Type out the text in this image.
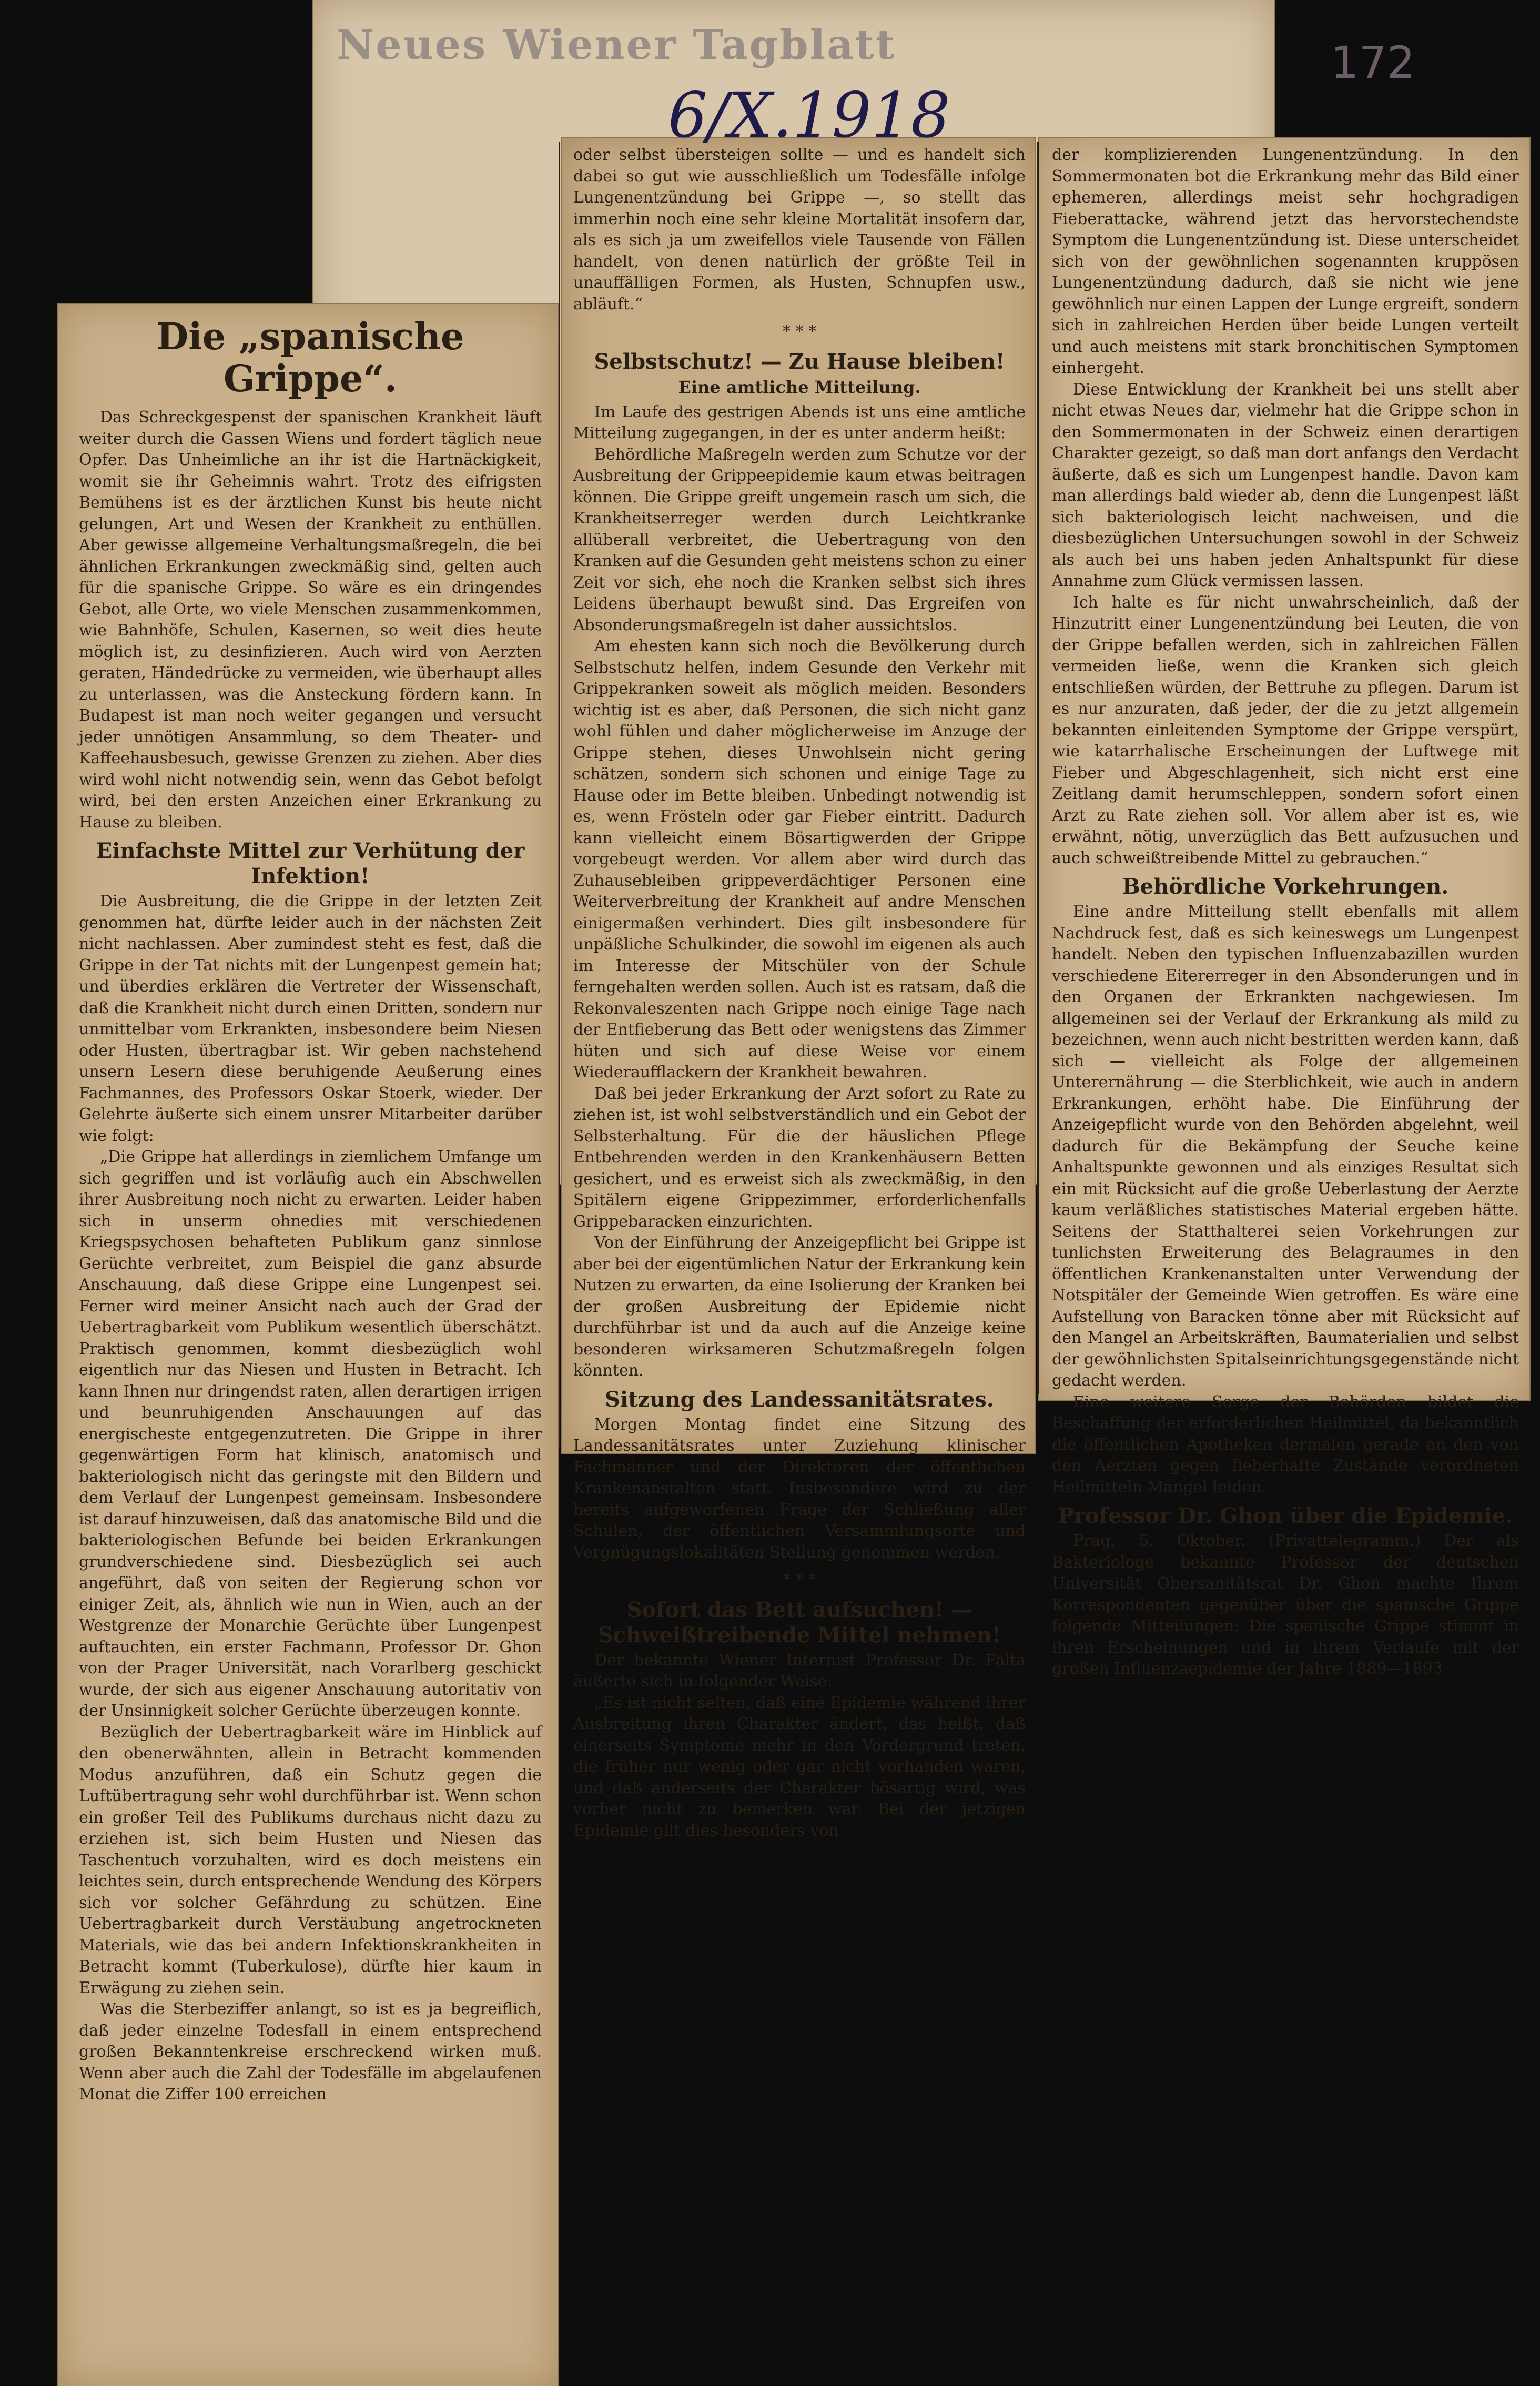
Neues Wiener Tagblatt
6/X.1918
172
Die „spanische Grippe“.

Das Schreckgespenst der spanischen Krankheit läuft weiter durch die Gassen Wiens und fordert täglich neue Opfer. Das Unheimliche an ihr ist die Hartnäckigkeit, womit sie ihr Geheimnis wahrt. Trotz des eifrigsten Bemühens ist es der ärztlichen Kunst bis heute nicht gelungen, Art und Wesen der Krankheit zu enthüllen. Aber gewisse allgemeine Verhaltungsmaßregeln, die bei ähnlichen Erkrankungen zweckmäßig sind, gelten auch für die spanische Grippe. So wäre es ein dringendes Gebot, alle Orte, wo viele Menschen zusammenkommen, wie Bahnhöfe, Schulen, Kasernen, so weit dies heute möglich ist, zu desinfizieren. Auch wird von Aerzten geraten, Händedrücke zu vermeiden, wie überhaupt alles zu unterlassen, was die Ansteckung fördern kann. In Budapest ist man noch weiter gegangen und versucht jeder unnötigen Ansammlung, so dem Theater- und Kaffeehausbesuch, gewisse Grenzen zu ziehen. Aber dies wird wohl nicht notwendig sein, wenn das Gebot befolgt wird, bei den ersten Anzeichen einer Erkrankung zu Hause zu bleiben.

Einfachste Mittel zur Verhütung der Infektion!

Die Ausbreitung, die die Grippe in der letzten Zeit genommen hat, dürfte leider auch in der nächsten Zeit nicht nachlassen. Aber zumindest steht es fest, daß die Grippe in der Tat nichts mit der Lungenpest gemein hat; und überdies erklären die Vertreter der Wissenschaft, daß die Krankheit nicht durch einen Dritten, sondern nur unmittelbar vom Erkrankten, insbesondere beim Niesen oder Husten, übertragbar ist. Wir geben nachstehend unsern Lesern diese beruhigende Aeußerung eines Fachmannes, des Professors Oskar Stoerk, wieder. Der Gelehrte äußerte sich einem unsrer Mitarbeiter darüber wie folgt:

„Die Grippe hat allerdings in ziemlichem Umfange um sich gegriffen und ist vorläufig auch ein Abschwellen ihrer Ausbreitung noch nicht zu erwarten. Leider haben sich in unserm ohnedies mit verschiedenen Kriegspsychosen behafteten Publikum ganz sinnlose Gerüchte verbreitet, zum Beispiel die ganz absurde Anschauung, daß diese Grippe eine Lungenpest sei. Ferner wird meiner Ansicht nach auch der Grad der Uebertragbarkeit vom Publikum wesentlich überschätzt. Praktisch genommen, kommt diesbezüglich wohl eigentlich nur das Niesen und Husten in Betracht. Ich kann Ihnen nur dringendst raten, allen derartigen irrigen und beunruhigenden Anschauungen auf das energischeste entgegenzutreten. Die Grippe in ihrer gegenwärtigen Form hat klinisch, anatomisch und bakteriologisch nicht das geringste mit den Bildern und dem Verlauf der Lungenpest gemeinsam. Insbesondere ist darauf hinzuweisen, daß das anatomische Bild und die bakteriologischen Befunde bei beiden Erkrankungen grundverschiedene sind. Diesbezüglich sei auch angeführt, daß von seiten der Regierung schon vor einiger Zeit, als, ähnlich wie nun in Wien, auch an der Westgrenze der Monarchie Gerüchte über Lungenpest auftauchten, ein erster Fachmann, Professor Dr. Ghon von der Prager Universität, nach Vorarlberg geschickt wurde, der sich aus eigener Anschauung autoritativ von der Unsinnigkeit solcher Gerüchte überzeugen konnte.

Bezüglich der Uebertragbarkeit wäre im Hinblick auf den obenerwähnten, allein in Betracht kommenden Modus anzuführen, daß ein Schutz gegen die Luftübertragung sehr wohl durchführbar ist. Wenn schon ein großer Teil des Publikums durchaus nicht dazu zu erziehen ist, sich beim Husten und Niesen das Taschentuch vorzuhalten, wird es doch meistens ein leichtes sein, durch entsprechende Wendung des Körpers sich vor solcher Gefährdung zu schützen. Eine Uebertragbarkeit durch Verstäubung angetrockneten Materials, wie das bei andern Infektionskrankheiten in Betracht kommt (Tuberkulose), dürfte hier kaum in Erwägung zu ziehen sein.

Was die Sterbeziffer anlangt, so ist es ja begreiflich, daß jeder einzelne Todesfall in einem entsprechend großen Bekanntenkreise erschreckend wirken muß. Wenn aber auch die Zahl der Todesfälle im abgelaufenen Monat die Ziffer 100 erreichen

oder selbst übersteigen sollte — und es handelt sich dabei so gut wie ausschließlich um Todesfälle infolge Lungenentzündung bei Grippe —, so stellt das immerhin noch eine sehr kleine Mortalität insofern dar, als es sich ja um zweifellos viele Tausende von Fällen handelt, von denen natürlich der größte Teil in unauffälligen Formen, als Husten, Schnupfen usw., abläuft.“

* * *
Selbstschutz! — Zu Hause bleiben!
Eine amtliche Mitteilung.

Im Laufe des gestrigen Abends ist uns eine amtliche Mitteilung zugegangen, in der es unter anderm heißt:

Behördliche Maßregeln werden zum Schutze vor der Ausbreitung der Grippeepidemie kaum etwas beitragen können. Die Grippe greift ungemein rasch um sich, die Krankheitserreger werden durch Leichtkranke allüberall verbreitet, die Uebertragung von den Kranken auf die Gesunden geht meistens schon zu einer Zeit vor sich, ehe noch die Kranken selbst sich ihres Leidens überhaupt bewußt sind. Das Ergreifen von Absonderungsmaßregeln ist daher aussichtslos.

Am ehesten kann sich noch die Bevölkerung durch Selbstschutz helfen, indem Gesunde den Verkehr mit Grippekranken soweit als möglich meiden. Besonders wichtig ist es aber, daß Personen, die sich nicht ganz wohl fühlen und daher möglicherweise im Anzuge der Grippe stehen, dieses Unwohlsein nicht gering schätzen, sondern sich schonen und einige Tage zu Hause oder im Bette bleiben. Unbedingt notwendig ist es, wenn Frösteln oder gar Fieber eintritt. Dadurch kann vielleicht einem Bösartigwerden der Grippe vorgebeugt werden. Vor allem aber wird durch das Zuhausebleiben grippeverdächtiger Personen eine Weiterverbreitung der Krankheit auf andre Menschen einigermaßen verhindert. Dies gilt insbesondere für unpäßliche Schulkinder, die sowohl im eigenen als auch im Interesse der Mitschüler von der Schule ferngehalten werden sollen. Auch ist es ratsam, daß die Rekonvaleszenten nach Grippe noch einige Tage nach der Entfieberung das Bett oder wenigstens das Zimmer hüten und sich auf diese Weise vor einem Wiederaufflackern der Krankheit bewahren.

Daß bei jeder Erkrankung der Arzt sofort zu Rate zu ziehen ist, ist wohl selbstverständlich und ein Gebot der Selbsterhaltung. Für die der häuslichen Pflege Entbehrenden werden in den Krankenhäusern Betten gesichert, und es erweist sich als zweckmäßig, in den Spitälern eigene Grippezimmer, erforderlichenfalls Grippebaracken einzurichten.

Von der Einführung der Anzeigepflicht bei Grippe ist aber bei der eigentümlichen Natur der Erkrankung kein Nutzen zu erwarten, da eine Isolierung der Kranken bei der großen Ausbreitung der Epidemie nicht durchführbar ist und da auch auf die Anzeige keine besonderen wirksameren Schutzmaßregeln folgen könnten.

Sitzung des Landessanitätsrates.

Morgen Montag findet eine Sitzung des Landessanitätsrates unter Zuziehung klinischer Fachmänner und der Direktoren der öffentlichen Krankenanstalten statt. Insbesondere wird zu der bereits aufgeworfenen Frage der Schließung aller Schulen, der öffentlichen Versammlungsorte und Vergnügungslokalitäten Stellung genommen werden.

* * *
Sofort das Bett aufsuchen! — Schweißtreibende Mittel nehmen!

Der bekannte Wiener Internist Professor Dr. Falta äußerte sich in folgender Weise:

„Es ist nicht selten, daß eine Epidemie während ihrer Ausbreitung ihren Charakter ändert, das heißt, daß einerseits Symptome mehr in den Vordergrund treten, die früher nur wenig oder gar nicht vorhanden waren, und daß anderseits der Charakter bösartig wird, was vorher nicht zu bemerken war. Bei der jetzigen Epidemie gilt dies besonders von

der komplizierenden Lungenentzündung. In den Sommermonaten bot die Erkrankung mehr das Bild einer ephemeren, allerdings meist sehr hochgradigen Fieberattacke, während jetzt das hervorstechendste Symptom die Lungenentzündung ist. Diese unterscheidet sich von der gewöhnlichen sogenannten kruppösen Lungenentzündung dadurch, daß sie nicht wie jene gewöhnlich nur einen Lappen der Lunge ergreift, sondern sich in zahlreichen Herden über beide Lungen verteilt und auch meistens mit stark bronchitischen Symptomen einhergeht.

Diese Entwicklung der Krankheit bei uns stellt aber nicht etwas Neues dar, vielmehr hat die Grippe schon in den Sommermonaten in der Schweiz einen derartigen Charakter gezeigt, so daß man dort anfangs den Verdacht äußerte, daß es sich um Lungenpest handle. Davon kam man allerdings bald wieder ab, denn die Lungenpest läßt sich bakteriologisch leicht nachweisen, und die diesbezüglichen Untersuchungen sowohl in der Schweiz als auch bei uns haben jeden Anhaltspunkt für diese Annahme zum Glück vermissen lassen.

Ich halte es für nicht unwahrscheinlich, daß der Hinzutritt einer Lungenentzündung bei Leuten, die von der Grippe befallen werden, sich in zahlreichen Fällen vermeiden ließe, wenn die Kranken sich gleich entschließen würden, der Bettruhe zu pflegen. Darum ist es nur anzuraten, daß jeder, der die zu jetzt allgemein bekannten einleitenden Symptome der Grippe verspürt, wie katarrhalische Erscheinungen der Luftwege mit Fieber und Abgeschlagenheit, sich nicht erst eine Zeitlang damit herumschleppen, sondern sofort einen Arzt zu Rate ziehen soll. Vor allem aber ist es, wie erwähnt, nötig, unverzüglich das Bett aufzusuchen und auch schweißtreibende Mittel zu gebrauchen.“

Behördliche Vorkehrungen.

Eine andre Mitteilung stellt ebenfalls mit allem Nachdruck fest, daß es sich keineswegs um Lungenpest handelt. Neben den typischen Influenzabazillen wurden verschiedene Eitererreger in den Absonderungen und in den Organen der Erkrankten nachgewiesen. Im allgemeinen sei der Verlauf der Erkrankung als mild zu bezeichnen, wenn auch nicht bestritten werden kann, daß sich — vielleicht als Folge der allgemeinen Unterernährung — die Sterblichkeit, wie auch in andern Erkrankungen, erhöht habe. Die Einführung der Anzeigepflicht wurde von den Behörden abgelehnt, weil dadurch für die Bekämpfung der Seuche keine Anhaltspunkte gewonnen und als einziges Resultat sich ein mit Rücksicht auf die große Ueberlastung der Aerzte kaum verläßliches statistisches Material ergeben hätte. Seitens der Statthalterei seien Vorkehrungen zur tunlichsten Erweiterung des Belagraumes in den öffentlichen Krankenanstalten unter Verwendung der Notspitäler der Gemeinde Wien getroffen. Es wäre eine Aufstellung von Baracken tönne aber mit Rücksicht auf den Mangel an Arbeitskräften, Baumaterialien und selbst der gewöhnlichsten Spitalseinrichtungsgegenstände nicht gedacht werden.

Eine weitere Sorge der Behörden bildet die Beschaffung der erforderlichen Heilmittel, da bekanntlich die öffentlichen Apotheken dermalen gerade an den von den Aerzten gegen fieberhafte Zustände verordneten Heilmitteln Mangel leiden.

Professor Dr. Ghon über die Epidemie.

Prag, 5. Oktober. (Privattelegramm.) Der als Bakteriologe bekannte Professor der deutschen Universität Obersanitätsrat Dr. Ghon machte Ihrem Korrespondenten gegenüber über die spanische Grippe folgende Mitteilungen: Die spanische Grippe stimmt in ihren Erscheinungen und in ihrem Verlaufe mit der großen Influenzaepidemie der Jahre 1889—1893
